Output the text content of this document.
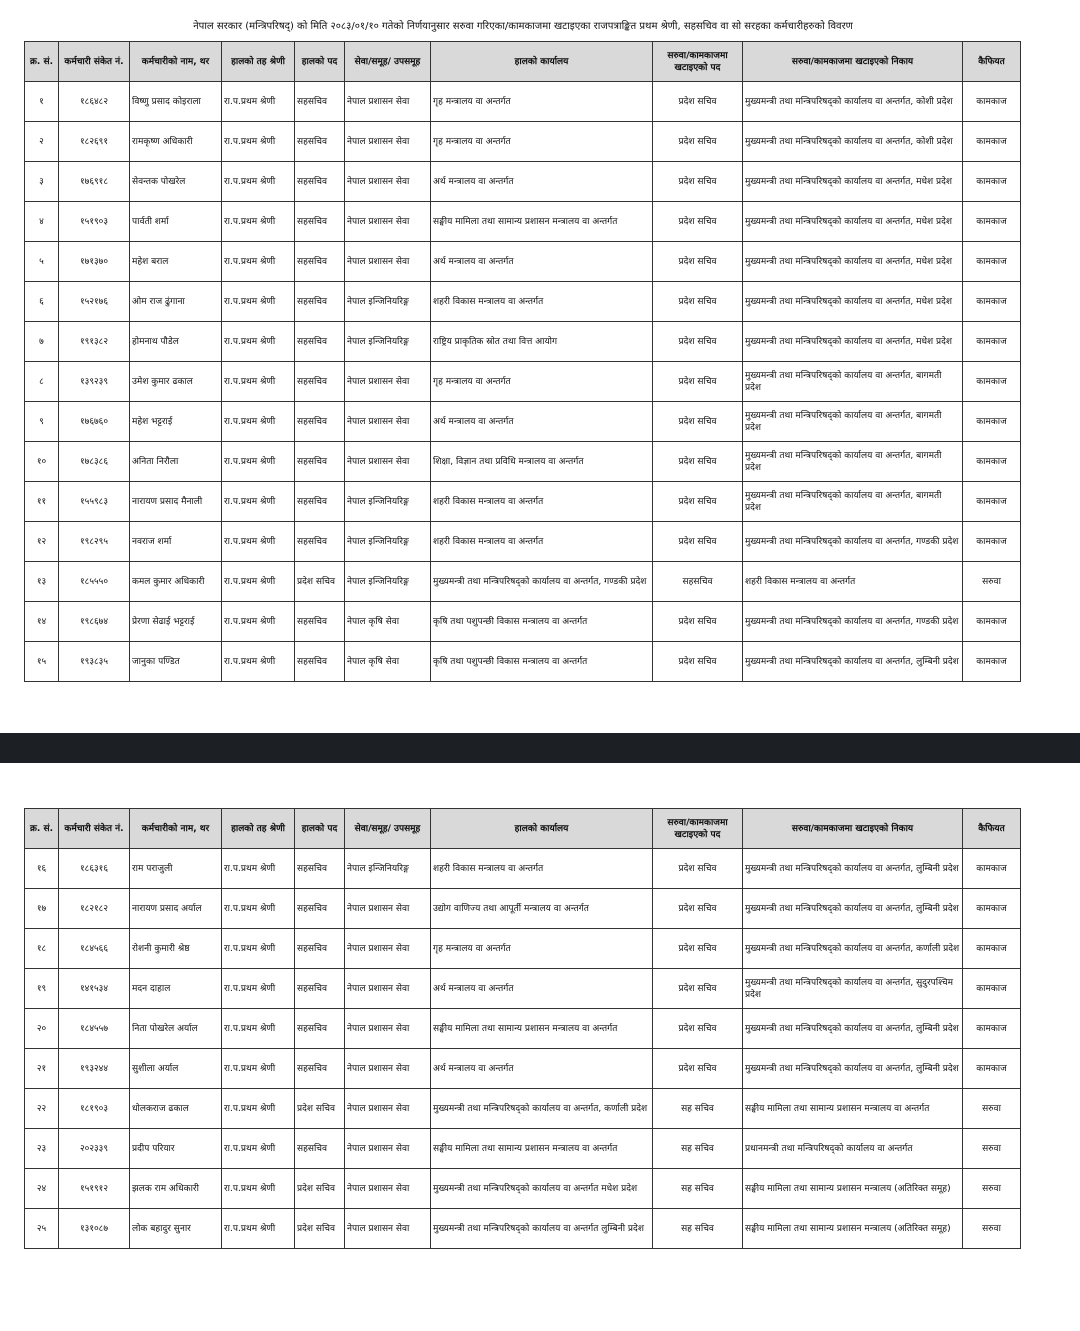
नेपाल सरकार (मन्त्रिपरिषद्) को मिति २०८३/०१/१० गतेको निर्णयानुसार सरुवा गरिएका/कामकाजमा खटाइएका राजपत्राङ्कित प्रथम श्रेणी, सहसचिव वा सो सरहका कर्मचारीहरुको विवरण
क्र. सं.	कर्मचारी संकेत नं.	कर्मचारीको नाम, थर	हालको तह श्रेणी	हालको पद	सेवा/समूह/ उपसमूह	हालको कार्यालय	सरुवा/कामकाजमा खटाइएको पद	सरुवा/कामकाजमा खटाइएको निकाय	कैफियत
१	१८६४८२	विष्णु प्रसाद कोइराला	रा.प.प्रथम श्रेणी	सहसचिव	नेपाल प्रशासन सेवा	गृह मन्त्रालय वा अन्तर्गत	प्रदेश सचिव	मुख्यमन्त्री तथा मन्त्रिपरिषद्को कार्यालय वा अन्तर्गत, कोशी प्रदेश	कामकाज
२	१८२६९१	रामकृष्ण अधिकारी	रा.प.प्रथम श्रेणी	सहसचिव	नेपाल प्रशासन सेवा	गृह मन्त्रालय वा अन्तर्गत	प्रदेश सचिव	मुख्यमन्त्री तथा मन्त्रिपरिषद्को कार्यालय वा अन्तर्गत, कोशी प्रदेश	कामकाज
३	१७६९१८	सेवन्तक पोखरेल	रा.प.प्रथम श्रेणी	सहसचिव	नेपाल प्रशासन सेवा	अर्थ मन्त्रालय वा अन्तर्गत	प्रदेश सचिव	मुख्यमन्त्री तथा मन्त्रिपरिषद्को कार्यालय वा अन्तर्गत, मधेश प्रदेश	कामकाज
४	१५१९०३	पार्वती शर्मा	रा.प.प्रथम श्रेणी	सहसचिव	नेपाल प्रशासन सेवा	सङ्घीय मामिला तथा सामान्य प्रशासन मन्त्रालय वा अन्तर्गत	प्रदेश सचिव	मुख्यमन्त्री तथा मन्त्रिपरिषद्को कार्यालय वा अन्तर्गत, मधेश प्रदेश	कामकाज
५	१७१३७०	महेश बराल	रा.प.प्रथम श्रेणी	सहसचिव	नेपाल प्रशासन सेवा	अर्थ मन्त्रालय वा अन्तर्गत	प्रदेश सचिव	मुख्यमन्त्री तथा मन्त्रिपरिषद्को कार्यालय वा अन्तर्गत, मधेश प्रदेश	कामकाज
६	१५२१७६	ओम राज ढुंगाना	रा.प.प्रथम श्रेणी	सहसचिव	नेपाल इन्जिनियरिङ्ग	शहरी विकास मन्त्रालय वा अन्तर्गत	प्रदेश सचिव	मुख्यमन्त्री तथा मन्त्रिपरिषद्को कार्यालय वा अन्तर्गत, मधेश प्रदेश	कामकाज
७	१९१३८२	होमनाथ पौडेल	रा.प.प्रथम श्रेणी	सहसचिव	नेपाल इन्जिनियरिङ्ग	राष्ट्रिय प्राकृतिक स्रोत तथा वित्त आयोग	प्रदेश सचिव	मुख्यमन्त्री तथा मन्त्रिपरिषद्को कार्यालय वा अन्तर्गत, मधेश प्रदेश	कामकाज
८	१३९२३९	उमेश कुमार ढकाल	रा.प.प्रथम श्रेणी	सहसचिव	नेपाल प्रशासन सेवा	गृह मन्त्रालय वा अन्तर्गत	प्रदेश सचिव	मुख्यमन्त्री तथा मन्त्रिपरिषद्को कार्यालय वा अन्तर्गत, बागमती प्रदेश	कामकाज
९	१७६७६०	महेश भट्टराई	रा.प.प्रथम श्रेणी	सहसचिव	नेपाल प्रशासन सेवा	अर्थ मन्त्रालय वा अन्तर्गत	प्रदेश सचिव	मुख्यमन्त्री तथा मन्त्रिपरिषद्को कार्यालय वा अन्तर्गत, बागमती प्रदेश	कामकाज
१०	१७८३८६	अनिता निरौला	रा.प.प्रथम श्रेणी	सहसचिव	नेपाल प्रशासन सेवा	शिक्षा, विज्ञान तथा प्रविधि मन्त्रालय वा अन्तर्गत	प्रदेश सचिव	मुख्यमन्त्री तथा मन्त्रिपरिषद्को कार्यालय वा अन्तर्गत, बागमती प्रदेश	कामकाज
११	१५५९८३	नारायण प्रसाद मैनाली	रा.प.प्रथम श्रेणी	सहसचिव	नेपाल इन्जिनियरिङ्ग	शहरी विकास मन्त्रालय वा अन्तर्गत	प्रदेश सचिव	मुख्यमन्त्री तथा मन्त्रिपरिषद्को कार्यालय वा अन्तर्गत, बागमती प्रदेश	कामकाज
१२	१९८२९५	नवराज शर्मा	रा.प.प्रथम श्रेणी	सहसचिव	नेपाल इन्जिनियरिङ्ग	शहरी विकास मन्त्रालय वा अन्तर्गत	प्रदेश सचिव	मुख्यमन्त्री तथा मन्त्रिपरिषद्को कार्यालय वा अन्तर्गत, गण्डकी प्रदेश	कामकाज
१३	१८५५५०	कमल कुमार अधिकारी	रा.प.प्रथम श्रेणी	प्रदेश सचिव	नेपाल इन्जिनियरिङ्ग	मुख्यमन्त्री तथा मन्त्रिपरिषद्को कार्यालय वा अन्तर्गत, गण्डकी प्रदेश	सहसचिव	शहरी विकास मन्त्रालय वा अन्तर्गत	सरुवा
१४	१९८६७४	प्रेरणा सेढाई भट्टराई	रा.प.प्रथम श्रेणी	सहसचिव	नेपाल कृषि सेवा	कृषि तथा पशुपन्छी विकास मन्त्रालय वा अन्तर्गत	प्रदेश सचिव	मुख्यमन्त्री तथा मन्त्रिपरिषद्को कार्यालय वा अन्तर्गत, गण्डकी प्रदेश	कामकाज
१५	१९३८३५	जानुका पण्डित	रा.प.प्रथम श्रेणी	सहसचिव	नेपाल कृषि सेवा	कृषि तथा पशुपन्छी विकास मन्त्रालय वा अन्तर्गत	प्रदेश सचिव	मुख्यमन्त्री तथा मन्त्रिपरिषद्को कार्यालय वा अन्तर्गत, लुम्बिनी प्रदेश	कामकाज
क्र. सं.	कर्मचारी संकेत नं.	कर्मचारीको नाम, थर	हालको तह श्रेणी	हालको पद	सेवा/समूह/ उपसमूह	हालको कार्यालय	सरुवा/कामकाजमा खटाइएको पद	सरुवा/कामकाजमा खटाइएको निकाय	कैफियत
१६	१८६३१६	राम पराजुली	रा.प.प्रथम श्रेणी	सहसचिव	नेपाल इन्जिनियरिङ्ग	शहरी विकास मन्त्रालय वा अन्तर्गत	प्रदेश सचिव	मुख्यमन्त्री तथा मन्त्रिपरिषद्को कार्यालय वा अन्तर्गत, लुम्बिनी प्रदेश	कामकाज
१७	१८२१८२	नारायण प्रसाद अर्याल	रा.प.प्रथम श्रेणी	सहसचिव	नेपाल प्रशासन सेवा	उद्योग वाणिज्य तथा आपूर्ती मन्त्रालय वा अन्तर्गत	प्रदेश सचिव	मुख्यमन्त्री तथा मन्त्रिपरिषद्को कार्यालय वा अन्तर्गत, लुम्बिनी प्रदेश	कामकाज
१८	१८४५६६	रोशनी कुमारी श्रेष्ठ	रा.प.प्रथम श्रेणी	सहसचिव	नेपाल प्रशासन सेवा	गृह मन्त्रालय वा अन्तर्गत	प्रदेश सचिव	मुख्यमन्त्री तथा मन्त्रिपरिषद्को कार्यालय वा अन्तर्गत, कर्णाली प्रदेश	कामकाज
१९	१४१५३४	मदन दाहाल	रा.प.प्रथम श्रेणी	सहसचिव	नेपाल प्रशासन सेवा	अर्थ मन्त्रालय वा अन्तर्गत	प्रदेश सचिव	मुख्यमन्त्री तथा मन्त्रिपरिषद्को कार्यालय वा अन्तर्गत, सुदुरपश्चिम प्रदेश	कामकाज
२०	१८४५५७	निता पोखरेल अर्याल	रा.प.प्रथम श्रेणी	सहसचिव	नेपाल प्रशासन सेवा	सङ्घीय मामिला तथा सामान्य प्रशासन मन्त्रालय वा अन्तर्गत	प्रदेश सचिव	मुख्यमन्त्री तथा मन्त्रिपरिषद्को कार्यालय वा अन्तर्गत, लुम्बिनी प्रदेश	कामकाज
२१	१९३२४४	सुशीला अर्याल	रा.प.प्रथम श्रेणी	सहसचिव	नेपाल प्रशासन सेवा	अर्थ मन्त्रालय वा अन्तर्गत	प्रदेश सचिव	मुख्यमन्त्री तथा मन्त्रिपरिषद्को कार्यालय वा अन्तर्गत, लुम्बिनी प्रदेश	कामकाज
२२	१८१९०३	धोलकराज ढकाल	रा.प.प्रथम श्रेणी	प्रदेश सचिव	नेपाल प्रशासन सेवा	मुख्यमन्त्री तथा मन्त्रिपरिषद्को कार्यालय वा अन्तर्गत, कर्णाली प्रदेश	सह सचिव	सङ्घीय मामिला तथा सामान्य प्रशासन मन्त्रालय वा अन्तर्गत	सरुवा
२३	२०२३३९	प्रदीप परियार	रा.प.प्रथम श्रेणी	सहसचिव	नेपाल प्रशासन सेवा	सङ्घीय मामिला तथा सामान्य प्रशासन मन्त्रालय वा अन्तर्गत	सह सचिव	प्रधानमन्त्री तथा मन्त्रिपरिषद्को कार्यालय वा अन्तर्गत	सरुवा
२४	१५१९१२	झलक राम अधिकारी	रा.प.प्रथम श्रेणी	प्रदेश सचिव	नेपाल प्रशासन सेवा	मुख्यमन्त्री तथा मन्त्रिपरिषद्को कार्यालय वा अन्तर्गत मधेश प्रदेश	सह सचिव	सङ्घीय मामिला तथा सामान्य प्रशासन मन्त्रालय (अतिरिक्त समूह)	सरुवा
२५	१३१०८७	लोक बहादुर सुनार	रा.प.प्रथम श्रेणी	प्रदेश सचिव	नेपाल प्रशासन सेवा	मुख्यमन्त्री तथा मन्त्रिपरिषद्को कार्यालय वा अन्तर्गत लुम्बिनी प्रदेश	सह सचिव	सङ्घीय मामिला तथा सामान्य प्रशासन मन्त्रालय (अतिरिक्त समूह)	सरुवा
